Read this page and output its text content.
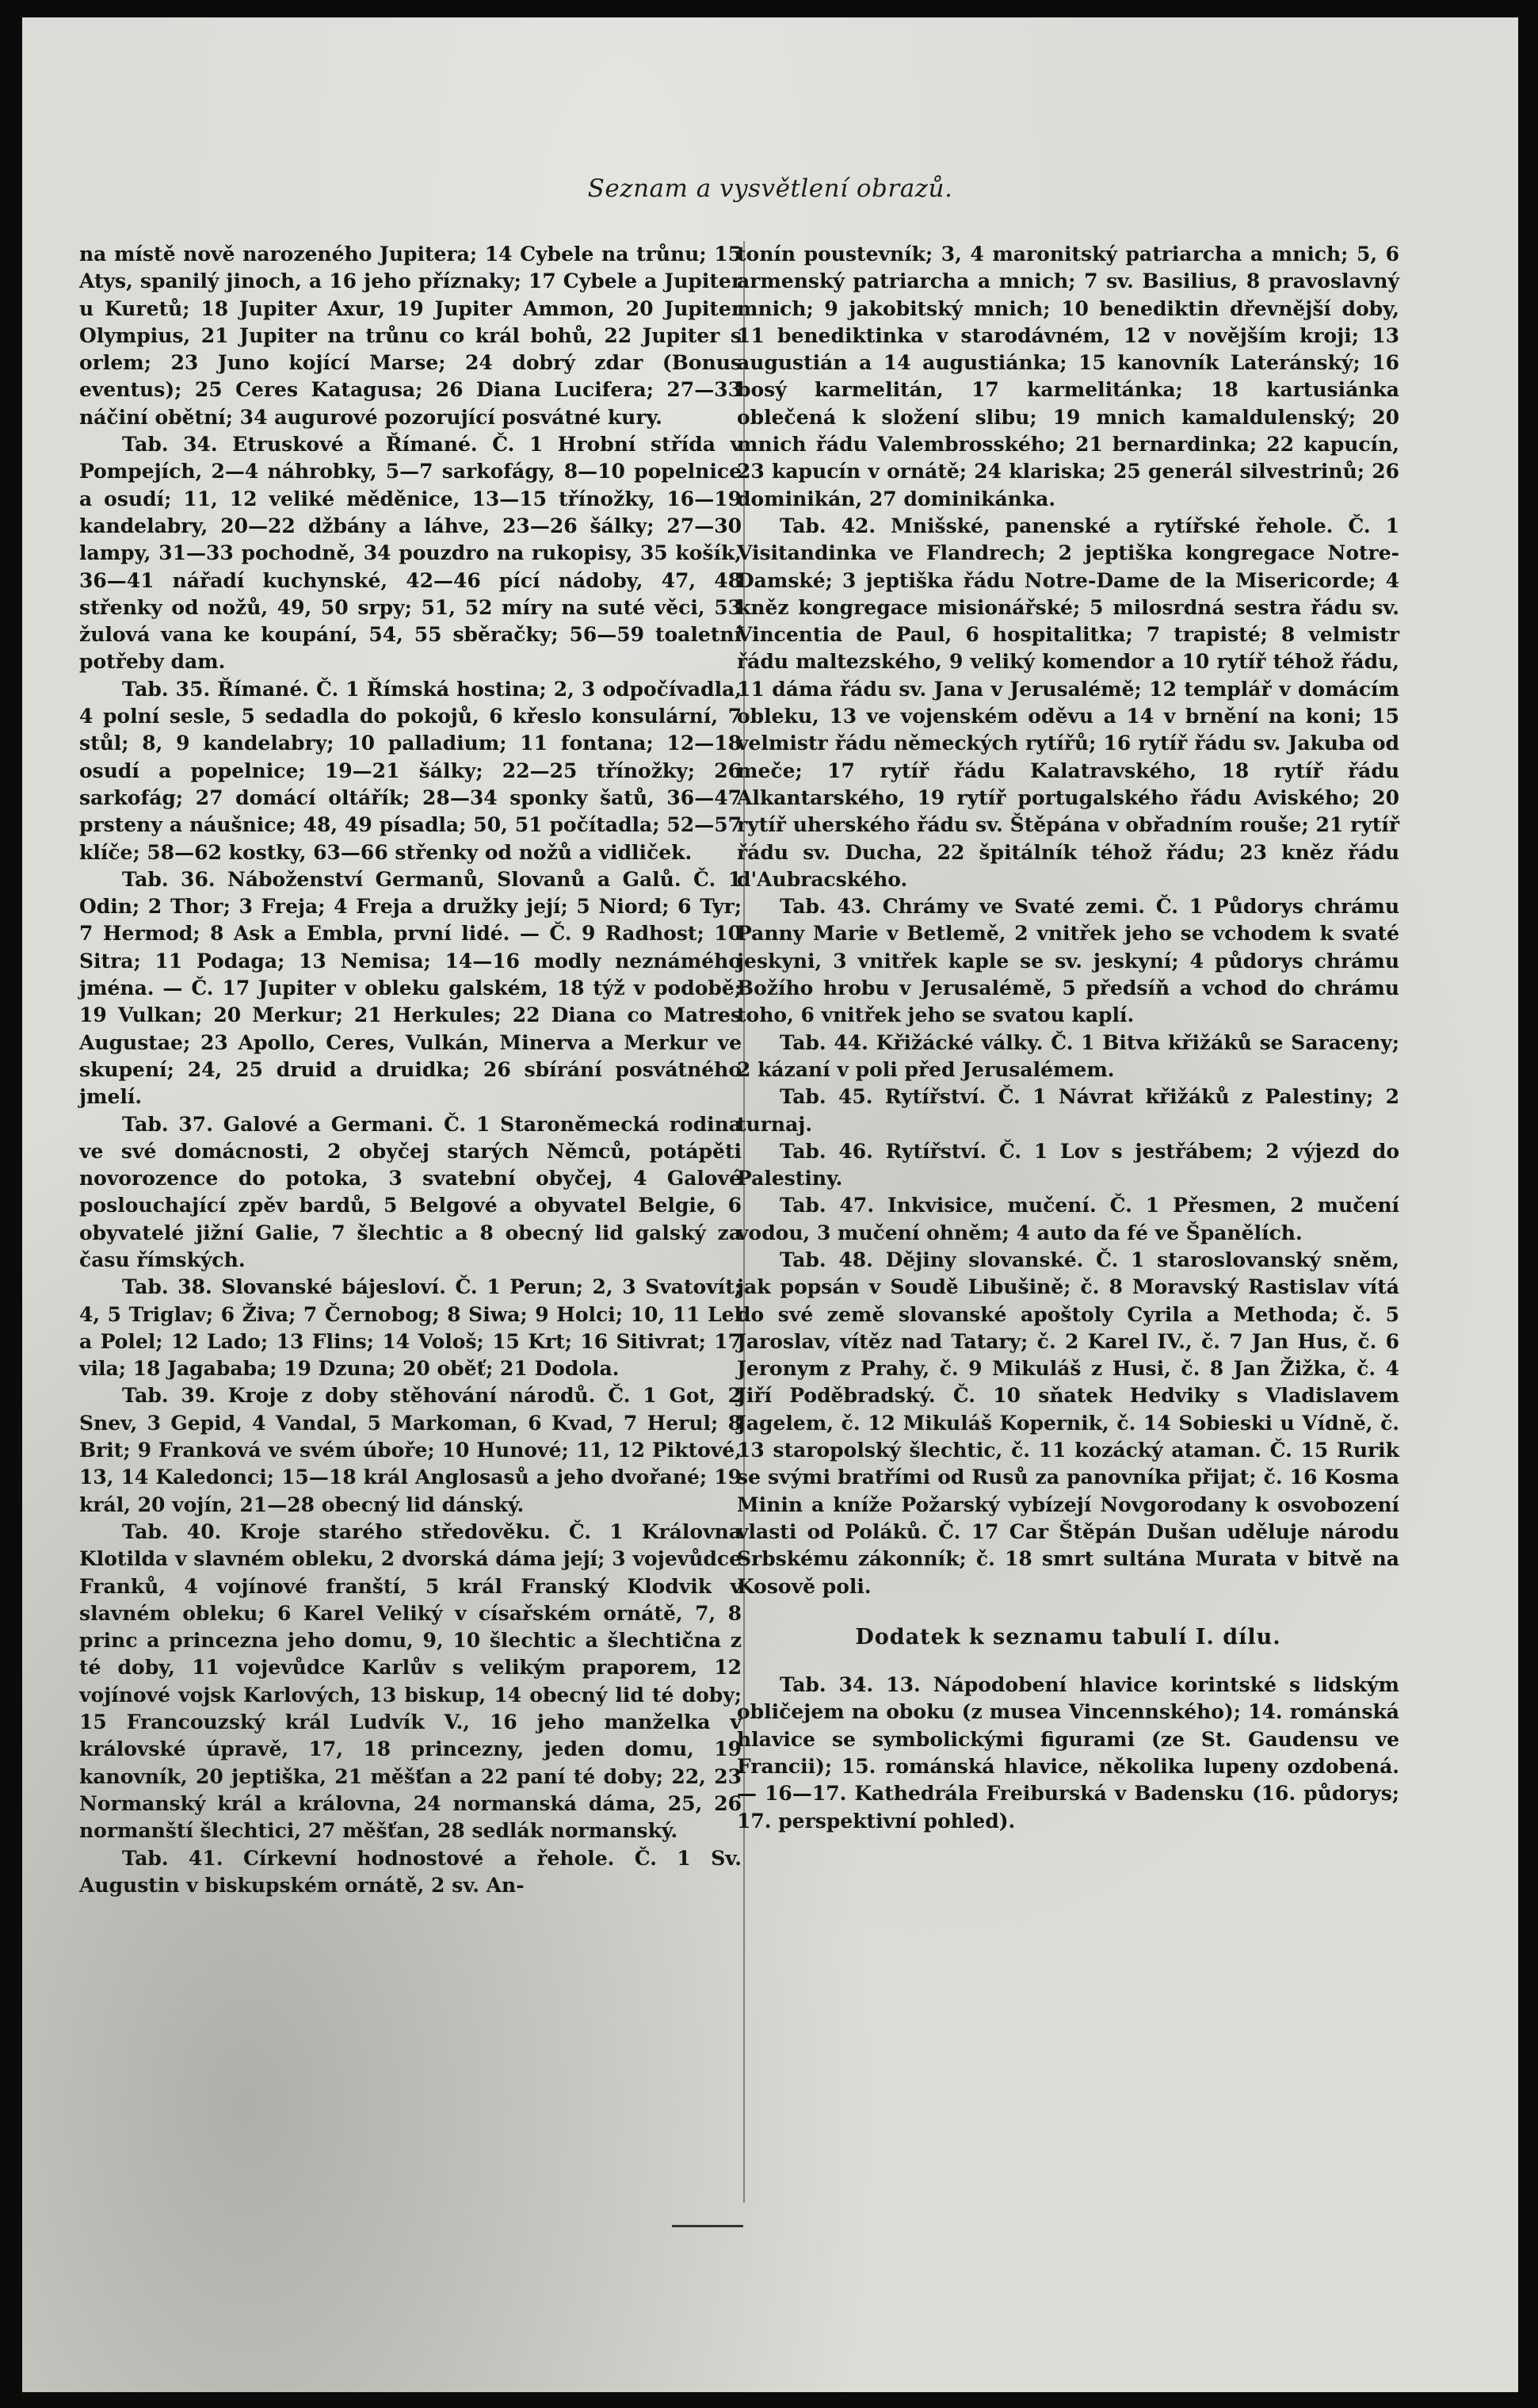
Seznam a vysvětlení obrazů.

na místě nově narozeného Jupitera; 14 Cybele na trůnu; 15 Atys, spanilý jinoch, a 16 jeho příznaky; 17 Cybele a Jupiter u Kuretů; 18 Jupiter Axur, 19 Jupiter Ammon, 20 Jupiter Olympius, 21 Jupiter na trůnu co král bohů, 22 Jupiter s orlem; 23 Juno kojící Marse; 24 dobrý zdar (Bonus eventus); 25 Ceres Katagusa; 26 Diana Lucifera; 27—33 náčiní obětní; 34 augurové pozorující posvátné kury.

Tab. 34. Etruskové a Římané. Č. 1 Hrobní střída v Pompejích, 2—4 náhrobky, 5—7 sarkofágy, 8—10 popelnice a osudí; 11, 12 veliké měděnice, 13—15 třínožky, 16—19 kandelabry, 20—22 džbány a láhve, 23—26 šálky; 27—30 lampy, 31—33 pochodně, 34 pouzdro na rukopisy, 35 košík, 36—41 nářadí kuchynské, 42—46 pící nádoby, 47, 48 střenky od nožů, 49, 50 srpy; 51, 52 míry na suté věci, 53 žulová vana ke koupání, 54, 55 sběračky; 56—59 toaletní potřeby dam.

Tab. 35. Římané. Č. 1 Římská hostina; 2, 3 odpočívadla, 4 polní sesle, 5 sedadla do pokojů, 6 křeslo konsulární, 7 stůl; 8, 9 kandelabry; 10 palladium; 11 fontana; 12—18 osudí a popelnice; 19—21 šálky; 22—25 třínožky; 26 sarkofág; 27 domácí oltářík; 28—34 sponky šatů, 36—47 prsteny a náušnice; 48, 49 písadla; 50, 51 počítadla; 52—57 klíče; 58—62 kostky, 63—66 střenky od nožů a vidliček.

Tab. 36. Náboženství Germanů, Slovanů a Galů. Č. 1 Odin; 2 Thor; 3 Freja; 4 Freja a družky její; 5 Niord; 6 Tyr; 7 Hermod; 8 Ask a Embla, první lidé. — Č. 9 Radhost; 10 Sitra; 11 Podaga; 13 Nemisa; 14—16 modly neznámého jména. — Č. 17 Jupiter v obleku galském, 18 týž v podobě; 19 Vulkan; 20 Merkur; 21 Herkules; 22 Diana co Matres Augustae; 23 Apollo, Ceres, Vulkán, Minerva a Merkur ve skupení; 24, 25 druid a druidka; 26 sbírání posvátného jmelí.

Tab. 37. Galové a Germani. Č. 1 Staroněmecká rodina ve své domácnosti, 2 obyčej starých Němců, potápěti novorozence do potoka, 3 svatební obyčej, 4 Galové poslouchající zpěv bardů, 5 Belgové a obyvatel Belgie, 6 obyvatelé jižní Galie, 7 šlechtic a 8 obecný lid galský za času římských.

Tab. 38. Slovanské bájesloví. Č. 1 Perun; 2, 3 Svatovít; 4, 5 Triglav; 6 Živa; 7 Černobog; 8 Siwa; 9 Holci; 10, 11 Lel a Polel; 12 Lado; 13 Flins; 14 Vološ; 15 Krt; 16 Sitivrat; 17 vila; 18 Jagababa; 19 Dzuna; 20 oběť; 21 Dodola.

Tab. 39. Kroje z doby stěhování národů. Č. 1 Got, 2 Snev, 3 Gepid, 4 Vandal, 5 Markoman, 6 Kvad, 7 Herul; 8 Brit; 9 Franková ve svém úboře; 10 Hunové; 11, 12 Piktové, 13, 14 Kaledonci; 15—18 král Anglosasů a jeho dvořané; 19 král, 20 vojín, 21—28 obecný lid dánský.

Tab. 40. Kroje starého středověku. Č. 1 Královna Klotilda v slavném obleku, 2 dvorská dáma její; 3 vojevůdce Franků, 4 vojínové franští, 5 král Franský Klodvik v slavném obleku; 6 Karel Veliký v císařském ornátě, 7, 8 princ a princezna jeho domu, 9, 10 šlechtic a šlechtična z té doby, 11 vojevůdce Karlův s velikým praporem, 12 vojínové vojsk Karlových, 13 biskup, 14 obecný lid té doby; 15 Francouzský král Ludvík V., 16 jeho manželka v královské úpravě, 17, 18 princezny, jeden domu, 19 kanovník, 20 jeptiška, 21 měšťan a 22 paní té doby; 22, 23 Normanský král a královna, 24 normanská dáma, 25, 26 normanští šlechtici, 27 měšťan, 28 sedlák normanský.

Tab. 41. Církevní hodnostové a řehole. Č. 1 Sv. Augustin v biskupském ornátě, 2 sv. An-

tonín poustevník; 3, 4 maronitský patriarcha a mnich; 5, 6 armenský patriarcha a mnich; 7 sv. Basilius, 8 pravoslavný mnich; 9 jakobitský mnich; 10 benediktin dřevnější doby, 11 benediktinka v starodávném, 12 v novějším kroji; 13 augustián a 14 augustiánka; 15 kanovník Lateránský; 16 bosý karmelitán, 17 karmelitánka; 18 kartusiánka oblečená k složení slibu; 19 mnich kamaldulenský; 20 mnich řádu Valembrosského; 21 bernardinka; 22 kapucín, 23 kapucín v ornátě; 24 klariska; 25 generál silvestrinů; 26 dominikán, 27 dominikánka.

Tab. 42. Mnišské, panenské a rytířské řehole. Č. 1 Visitandinka ve Flandrech; 2 jeptiška kongregace Notre-Damské; 3 jeptiška řádu Notre-Dame de la Misericorde; 4 kněz kongregace misionářské; 5 milosrdná sestra řádu sv. Vincentia de Paul, 6 hospitalitka; 7 trapisté; 8 velmistr řádu maltezského, 9 veliký komendor a 10 rytíř téhož řádu, 11 dáma řádu sv. Jana v Jerusalémě; 12 templář v domácím obleku, 13 ve vojenském oděvu a 14 v brnění na koni; 15 velmistr řádu německých rytířů; 16 rytíř řádu sv. Jakuba od meče; 17 rytíř řádu Kalatravského, 18 rytíř řádu Alkantarského, 19 rytíř portugalského řádu Aviského; 20 rytíř uherského řádu sv. Štěpána v obřadním rouše; 21 rytíř řádu sv. Ducha, 22 špitálník téhož řádu; 23 kněz řádu d'Aubracského.

Tab. 43. Chrámy ve Svaté zemi. Č. 1 Půdorys chrámu Panny Marie v Betlemě, 2 vnitřek jeho se vchodem k svaté jeskyni, 3 vnitřek kaple se sv. jeskyní; 4 půdorys chrámu Božího hrobu v Jerusalémě, 5 předsíň a vchod do chrámu toho, 6 vnitřek jeho se svatou kaplí.

Tab. 44. Křižácké války. Č. 1 Bitva křižáků se Saraceny; 2 kázaní v poli před Jerusalémem.

Tab. 45. Rytířství. Č. 1 Návrat křižáků z Palestiny; 2 turnaj.

Tab. 46. Rytířství. Č. 1 Lov s jestřábem; 2 výjezd do Palestiny.

Tab. 47. Inkvisice, mučení. Č. 1 Přesmen, 2 mučení vodou, 3 mučení ohněm; 4 auto da fé ve Španělích.

Tab. 48. Dějiny slovanské. Č. 1 staroslovanský sněm, jak popsán v Soudě Libušině; č. 8 Moravský Rastislav vítá do své země slovanské apoštoly Cyrila a Methoda; č. 5 Jaroslav, vítěz nad Tatary; č. 2 Karel IV., č. 7 Jan Hus, č. 6 Jeronym z Prahy, č. 9 Mikuláš z Husi, č. 8 Jan Žižka, č. 4 Jiří Poděbradský. Č. 10 sňatek Hedviky s Vladislavem Jagelem, č. 12 Mikuláš Kopernik, č. 14 Sobieski u Vídně, č. 13 staropolský šlechtic, č. 11 kozácký ataman. Č. 15 Rurik se svými bratřími od Rusů za panovníka přijat; č. 16 Kosma Minin a kníže Požarský vybízejí Novgorodany k osvobození vlasti od Poláků. Č. 17 Car Štěpán Dušan uděluje národu Srbskému zákonník; č. 18 smrt sultána Murata v bitvě na Kosově poli.

Dodatek k seznamu tabulí I. dílu.

Tab. 34. 13. Nápodobení hlavice korintské s lidským obličejem na oboku (z musea Vincennského); 14. románská hlavice se symbolickými figurami (ze St. Gaudensu ve Francii); 15. románská hlavice, několika lupeny ozdobená. — 16—17. Kathedrála Freiburská v Badensku (16. půdorys; 17. perspektivní pohled).
